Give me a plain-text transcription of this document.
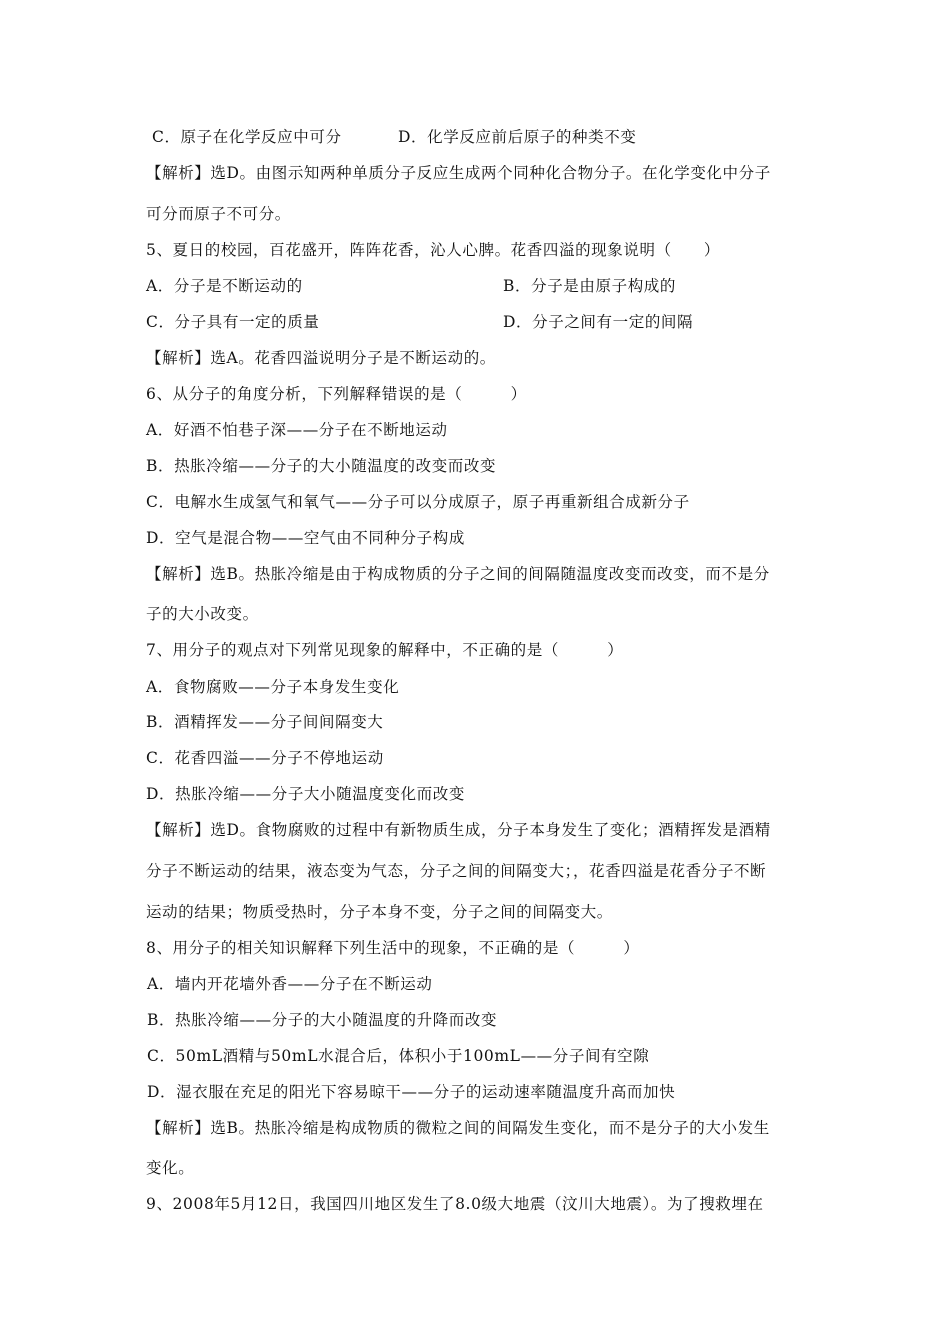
C．原子在化学反应中可分	D．化学反应前后原子的种类不变
【解析】选D。由图示知两种单质分子反应生成两个同种化合物分子。在化学变化中分子
可分而原子不可分。
5、夏日的校园，百花盛开，阵阵花香，沁人心脾。花香四溢的现象说明（　　）
A．分子是不断运动的	B．分子是由原子构成的
C．分子具有一定的质量	D．分子之间有一定的间隔
【解析】选A。花香四溢说明分子是不断运动的。
6、从分子的角度分析，下列解释错误的是（　　　）
A．好酒不怕巷子深——分子在不断地运动
B．热胀冷缩——分子的大小随温度的改变而改变
C．电解水生成氢气和氧气——分子可以分成原子，原子再重新组合成新分子
D．空气是混合物——空气由不同种分子构成
【解析】选B。热胀冷缩是由于构成物质的分子之间的间隔随温度改变而改变，而不是分
子的大小改变。
7、用分子的观点对下列常见现象的解释中，不正确的是（　　　）
A．食物腐败——分子本身发生变化
B．酒精挥发——分子间间隔变大
C．花香四溢——分子不停地运动
D．热胀冷缩——分子大小随温度变化而改变
【解析】选D。食物腐败的过程中有新物质生成，分子本身发生了变化；酒精挥发是酒精
分子不断运动的结果，液态变为气态，分子之间的间隔变大；，花香四溢是花香分子不断
运动的结果；物质受热时，分子本身不变，分子之间的间隔变大。
8、用分子的相关知识解释下列生活中的现象，不正确的是（　　　）
A．墙内开花墙外香——分子在不断运动
B．热胀冷缩——分子的大小随温度的升降而改变
C．50mL酒精与50mL水混合后，体积小于100mL——分子间有空隙
D．湿衣服在充足的阳光下容易晾干——分子的运动速率随温度升高而加快
【解析】选B。热胀冷缩是构成物质的微粒之间的间隔发生变化，而不是分子的大小发生
变化。
9、2008年5月12日，我国四川地区发生了8.0级大地震（汶川大地震）。为了搜救埋在
